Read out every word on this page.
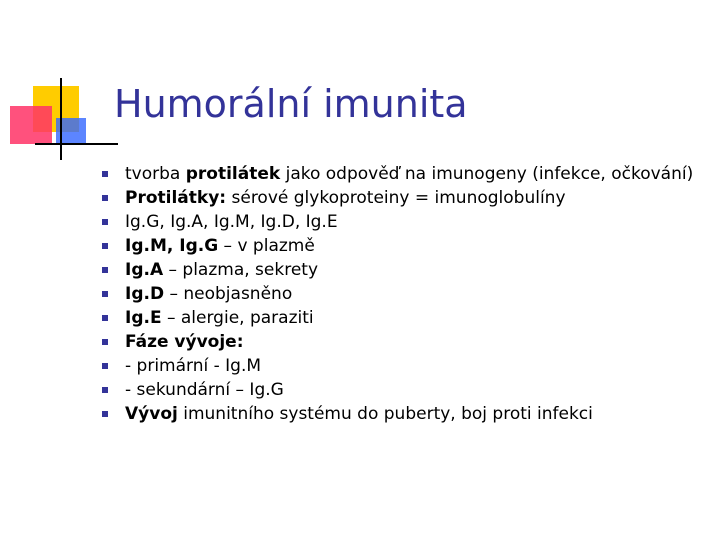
Humorální imunita
tvorba protilátek jako odpověď na imunogeny (infekce, očkování)
Protilátky: sérové glykoproteiny = imunoglobulíny
Ig.G, Ig.A, Ig.M, Ig.D, Ig.E
Ig.M, Ig.G – v plazmě
Ig.A – plazma, sekrety
Ig.D – neobjasněno
Ig.E – alergie, paraziti
Fáze vývoje:
- primární - Ig.M
- sekundární – Ig.G
Vývoj imunitního systému do puberty, boj proti infekci
